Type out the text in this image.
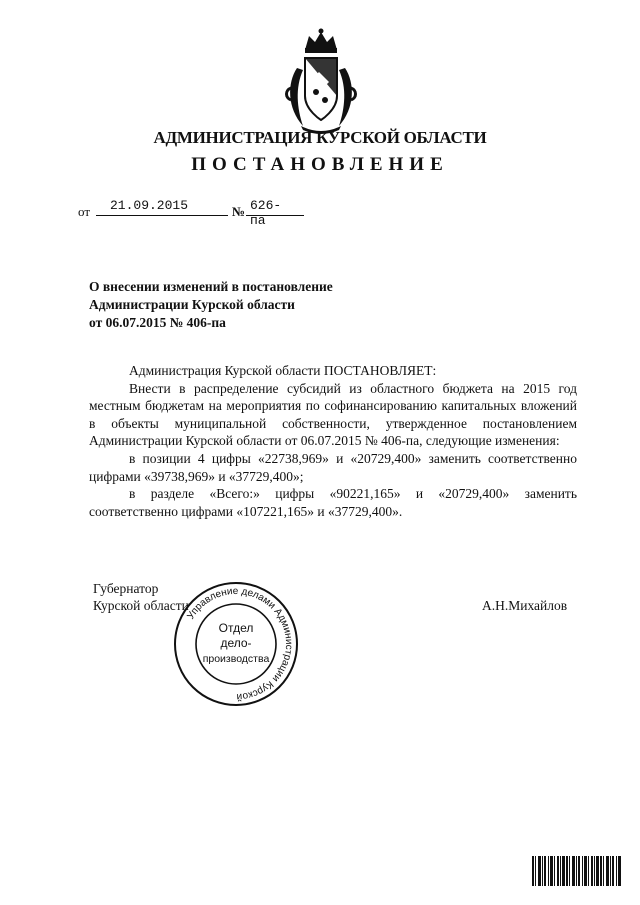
АДМИНИСТРАЦИЯ КУРСКОЙ ОБЛАСТИ
ПОСТАНОВЛЕНИЕ
от 21.09.2015	№ 626-па
О внесении изменений в постановление
Администрации Курской области
от 06.07.2015 № 406-па

Администрация Курской области ПОСТАНОВЛЯЕТ:

Внести в распределение субсидий из областного бюджета на 2015 год местным бюджетам на мероприятия по софинансированию капитальных вложений в объекты муниципальной собственности, утвержденное постановлением Администрации Курской области от 06.07.2015 № 406-па, следующие изменения:

в позиции 4 цифры «22738,969» и «20729,400» заменить соответственно цифрами «39738,969» и «37729,400»;

в разделе «Всего:» цифры «90221,165» и «20729,400» заменить соответственно цифрами «107221,165» и «37729,400».

Губернатор
Курской области	А.Н.Михайлов
Управление делами Администрации Курской
Отдел
дело-
производства
